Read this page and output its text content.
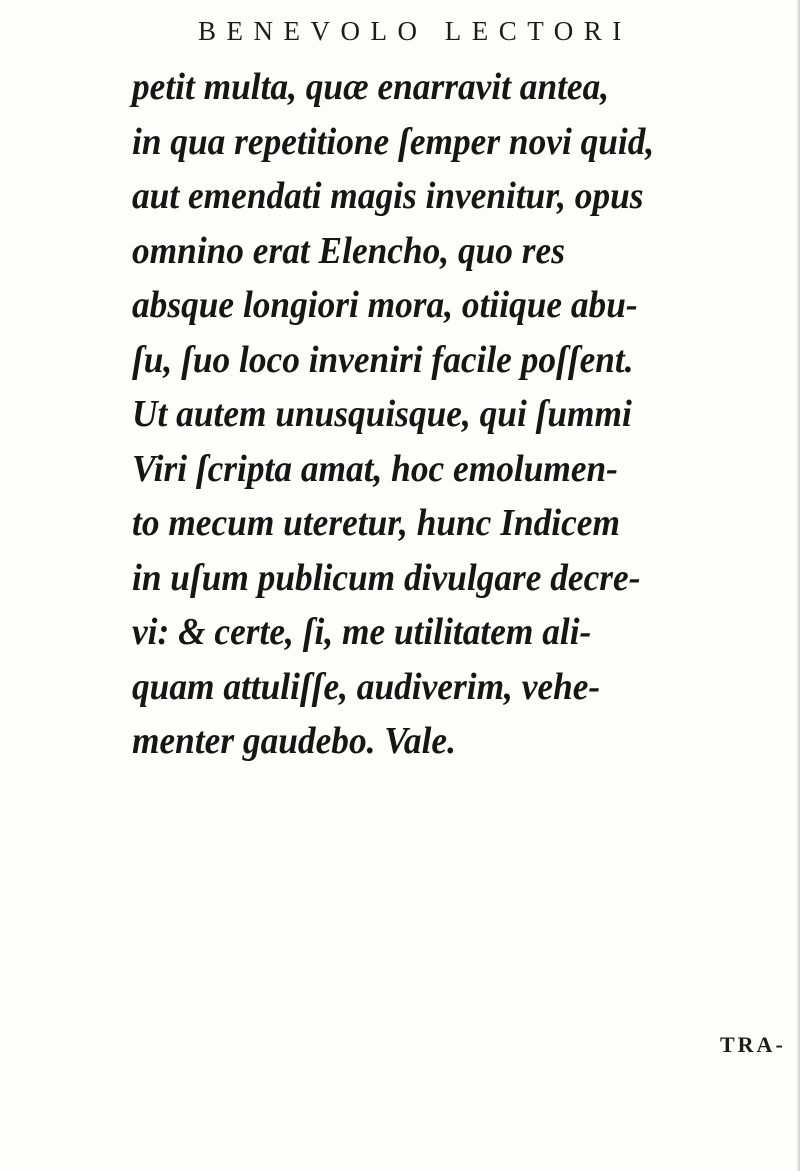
BENEVOLO LECTORI
petit multa, quæ enarravit antea,
in qua repetitione ſemper novi quid,
aut emendati magis invenitur, opus
omnino erat Elencho, quo res
absque longiori mora, otiique abu-
ſu, ſuo loco inveniri facile poſſent.
Ut autem unusquisque, qui ſummi
Viri ſcripta amat, hoc emolumen-
to mecum uteretur, hunc Indicem
in uſum publicum divulgare decre-
vi: & certe, ſi, me utilitatem ali-
quam attuliſſe, audiverim, vehe-
menter gaudebo. Vale.
TRA-
